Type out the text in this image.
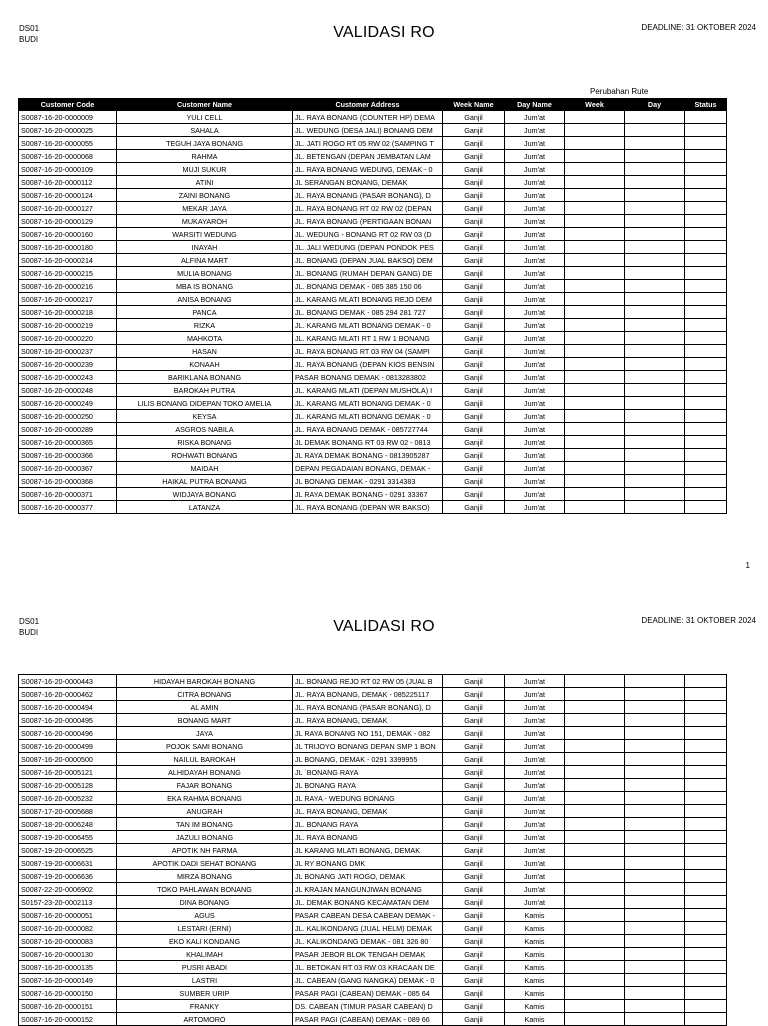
DS01
BUDI	VALIDASI RO	DEADLINE: 31 OKTOBER 2024
Perubahan Rute
Customer Code	Customer Name	Customer Address	Week Name	Day Name	Week	Day	Status
S0087-16-20-0000009	YULI CELL	JL. RAYA BONANG (COUNTER HP) DEMA	Ganjil	Jum'at			
S0087-16-20-0000025	SAHALA	JL. WEDUNG (DESA JALI) BONANG DEM	Ganjil	Jum'at			
S0087-16-20-0000055	TEGUH JAYA BONANG	JL. JATI ROGO RT 05 RW 02 (SAMPING T	Ganjil	Jum'at			
S0087-16-20-0000068	RAHMA	JL. BETENGAN (DEPAN JEMBATAN LAM	Ganjil	Jum'at			
S0087-16-20-0000109	MUJI SUKUR	JL. RAYA BONANG WEDUNG, DEMAK - 0	Ganjil	Jum'at			
S0087-16-20-0000112	ATINI	JL SERANGAN BONANG, DEMAK	Ganjil	Jum'at			
S0087-16-20-0000124	ZAINI BONANG	JL. RAYA BONANG (PASAR BONANG), D	Ganjil	Jum'at			
S0087-16-20-0000127	MEKAR JAYA	JL. RAYA BONANG RT 02 RW 02 (DEPAN	Ganjil	Jum'at			
S0087-16-20-0000129	MUKAYAROH	JL. RAYA BONANG (PERTIGAAN BONAN	Ganjil	Jum'at			
S0087-16-20-0000160	WARSITI WEDUNG	JL. WEDUNG - BONANG RT 02 RW 03 (D	Ganjil	Jum'at			
S0087-16-20-0000180	INAYAH	JL. JALI WEDUNG (DEPAN PONDOK PES	Ganjil	Jum'at			
S0087-16-20-0000214	ALFINA MART	JL. BONANG (DEPAN JUAL BAKSO) DEM	Ganjil	Jum'at			
S0087-16-20-0000215	MULIA BONANG	JL. BONANG (RUMAH DEPAN GANG) DE	Ganjil	Jum'at			
S0087-16-20-0000216	MBA IS BONANG	JL. BONANG DEMAK - 085 385 150 06	Ganjil	Jum'at			
S0087-16-20-0000217	ANISA BONANG	JL. KARANG MLATI BONANG REJO DEM	Ganjil	Jum'at			
S0087-16-20-0000218	PANCA	JL. BONANG DEMAK - 085 294 281 727	Ganjil	Jum'at			
S0087-16-20-0000219	RIZKA	JL. KARANG MLATI BONANG DEMAK - 0	Ganjil	Jum'at			
S0087-16-20-0000220	MAHKOTA	JL. KARANG MLATI RT 1 RW 1 BONANG	Ganjil	Jum'at			
S0087-16-20-0000237	HASAN	JL. RAYA BONANG RT 03 RW 04 (SAMPI	Ganjil	Jum'at			
S0087-16-20-0000239	KONAAH	JL. RAYA BONANG (DEPAN KIOS BENSIN	Ganjil	Jum'at			
S0087-16-20-0000243	BARIKLANA BONANG	PASAR BONANG DEMAK - 0813283802	Ganjil	Jum'at			
S0087-16-20-0000248	BAROKAH PUTRA	JL. KARANG MLATI (DEPAN MUSHOLA) I	Ganjil	Jum'at			
S0087-16-20-0000249	LILIS BONANG DIDEPAN TOKO AMELIA	JL. KARANG MLATI BONANG DEMAK - 0	Ganjil	Jum'at			
S0087-16-20-0000250	KEYSA	JL. KARANG MLATI BONANG DEMAK - 0	Ganjil	Jum'at			
S0087-16-20-0000289	ASGROS NABILA	JL. RAYA BONANG DEMAK - 085727744	Ganjil	Jum'at			
S0087-16-20-0000365	RISKA BONANG	JL DEMAK BONANG RT 03 RW 02 - 0813	Ganjil	Jum'at			
S0087-16-20-0000366	ROHWATI BONANG	JL RAYA DEMAK BONANG - 0813905287	Ganjil	Jum'at			
S0087-16-20-0000367	MAIDAH	DEPAN PEGADAIAN BONANG, DEMAK -	Ganjil	Jum'at			
S0087-16-20-0000368	HAIKAL PUTRA BONANG	JL BONANG DEMAK - 0291 3314383	Ganjil	Jum'at			
S0087-16-20-0000371	WIDJAYA BONANG	JL RAYA DEMAK BONANG - 0291 33367	Ganjil	Jum'at			
S0087-16-20-0000377	LATANZA	JL. RAYA BONANG (DEPAN WR BAKSO)	Ganjil	Jum'at			
1
DS01
BUDI	VALIDASI RO	DEADLINE: 31 OKTOBER 2024
S0087-16-20-0000443	HIDAYAH BAROKAH BONANG	JL. BONANG REJO RT 02 RW 05 (JUAL B	Ganjil	Jum'at			
S0087-16-20-0000462	CITRA BONANG	JL. RAYA BONANG, DEMAK - 085225117	Ganjil	Jum'at			
S0087-16-20-0000494	AL AMIN	JL. RAYA BONANG (PASAR BONANG), D	Ganjil	Jum'at			
S0087-16-20-0000495	BONANG MART	JL. RAYA BONANG, DEMAK	Ganjil	Jum'at			
S0087-16-20-0000496	JAYA	JL RAYA BONANG NO 151, DEMAK - 082	Ganjil	Jum'at			
S0087-16-20-0000499	POJOK SAMI BONANG	JL TRIJOYO BONANG DEPAN SMP 1 BON	Ganjil	Jum'at			
S0087-16-20-0000500	NAILUL BAROKAH	JL BONANG, DEMAK - 0291 3399955	Ganjil	Jum'at			
S0087-16-20-0005121	ALHIDAYAH BONANG	JL `BONANG RAYA	Ganjil	Jum'at			
S0087-16-20-0005128	FAJAR BONANG	JL BONANG RAYA	Ganjil	Jum'at			
S0087-16-20-0005232	EKA RAHMA BONANG	JL RAYA - WEDUNG BONANG	Ganjil	Jum'at			
S0087-17-20-0005688	ANUGRAH	JL. RAYA BONANG, DEMAK	Ganjil	Jum'at			
S0087-18-20-0006248	TAN IM BONANG	JL. BONANG RAYA	Ganjil	Jum'at			
S0087-19-20-0006455	JAZULI BONANG	JL. RAYA BONANG	Ganjil	Jum'at			
S0087-19-20-0006525	APOTIK NH FARMA	JL KARANG MLATI BONANG, DEMAK	Ganjil	Jum'at			
S0087-19-20-0006631	APOTIK DADI SEHAT BONANG	JL RY BONANG DMK	Ganjil	Jum'at			
S0087-19-20-0006636	MIRZA BONANG	JL BONANG JATI ROGO, DEMAK	Ganjil	Jum'at			
S0087-22-20-0006902	TOKO PAHLAWAN BONANG	JL KRAJAN MANGUNJIWAN BONANG	Ganjil	Jum'at			
S0157-23-20-0002113	DINA BONANG	JL. DEMAK BONANG KECAMATAN DEM	Ganjil	Jum'at			
S0087-16-20-0000051	AGUS	PASAR CABEAN DESA CABEAN DEMAK -	Ganjil	Kamis			
S0087-16-20-0000082	LESTARI (ERNI)	JL. KALIKONDANG (JUAL HELM) DEMAK	Ganjil	Kamis			
S0087-16-20-0000083	EKO KALI KONDANG	JL. KALIKONDANG DEMAK - 081 326 80	Ganjil	Kamis			
S0087-16-20-0000130	KHALIMAH	PASAR JEBOR BLOK TENGAH DEMAK	Ganjil	Kamis			
S0087-16-20-0000135	PUSRI ABADI	JL. BETOKAN RT 03 RW 03 KRACAAN DE	Ganjil	Kamis			
S0087-16-20-0000149	LASTRI	JL. CABEAN (GANG NANGKA) DEMAK - 0	Ganjil	Kamis			
S0087-16-20-0000150	SUMBER URIP	PASAR PAGI (CABEAN) DEMAK - 085 64	Ganjil	Kamis			
S0087-16-20-0000151	FRANKY	DS. CABEAN (TIMUR PASAR CABEAN) D	Ganjil	Kamis			
S0087-16-20-0000152	ARTOMORO	PASAR PAGI (CABEAN) DEMAK - 089 66	Ganjil	Kamis			
